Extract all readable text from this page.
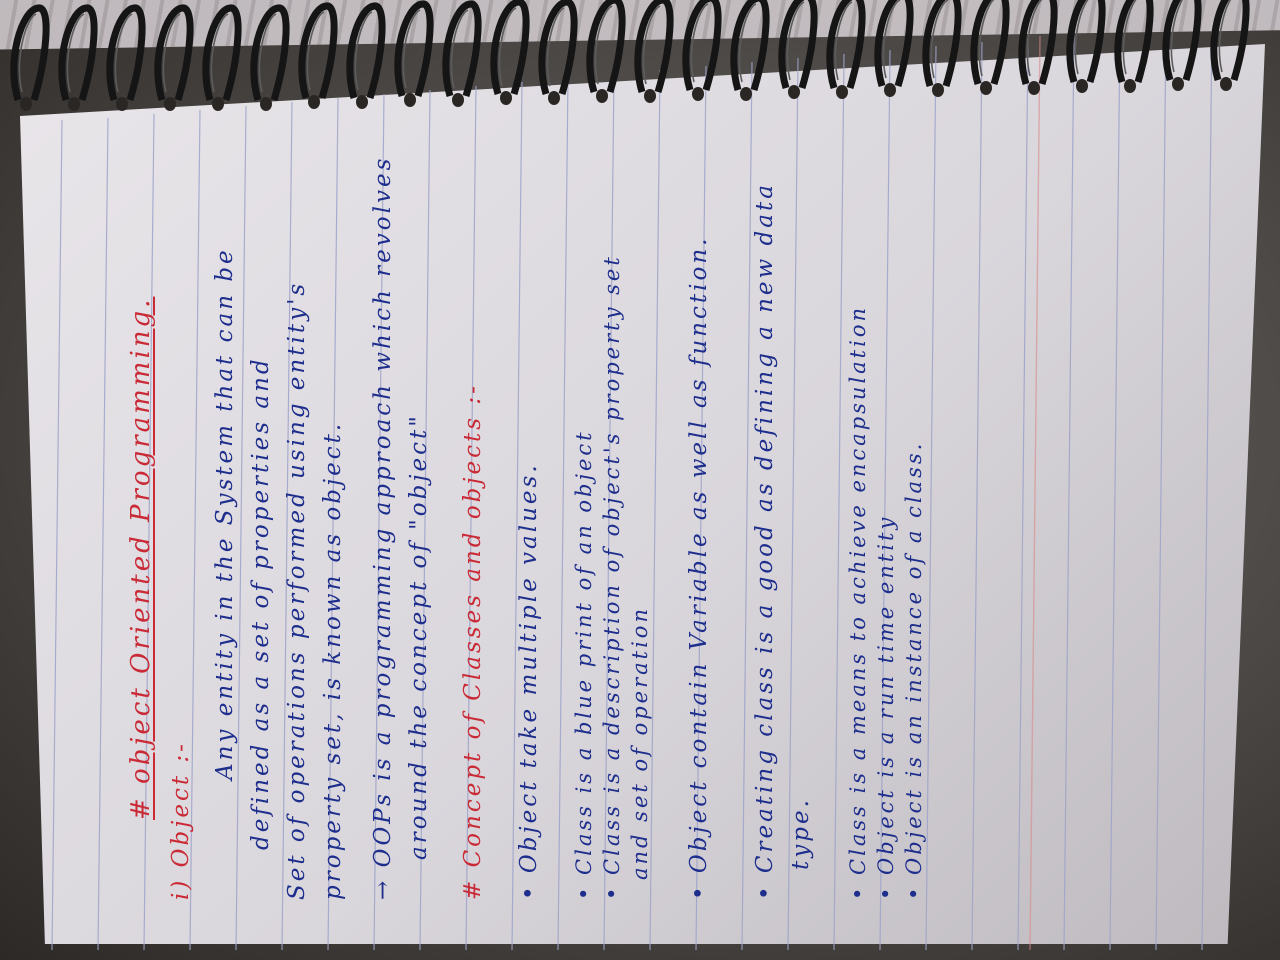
# object Oriented Programming.
i) Object :-
Any entity in the System that can be defined as a set of properties and Set of operations performed using entity's property set, is known as object. → OOPs is a programming approach which revolves around the concept of "object" # Concept of Classes and objects :- • Object take multiple values. • Class is a blue print of an object • Class is a description of object's property set and set of operation • Object contain Variable as well as function. • Creating class is a good as defining a new data type. • Class is a means to achieve encapsulation • Object is a run time entity • Object is an instance of a class.
